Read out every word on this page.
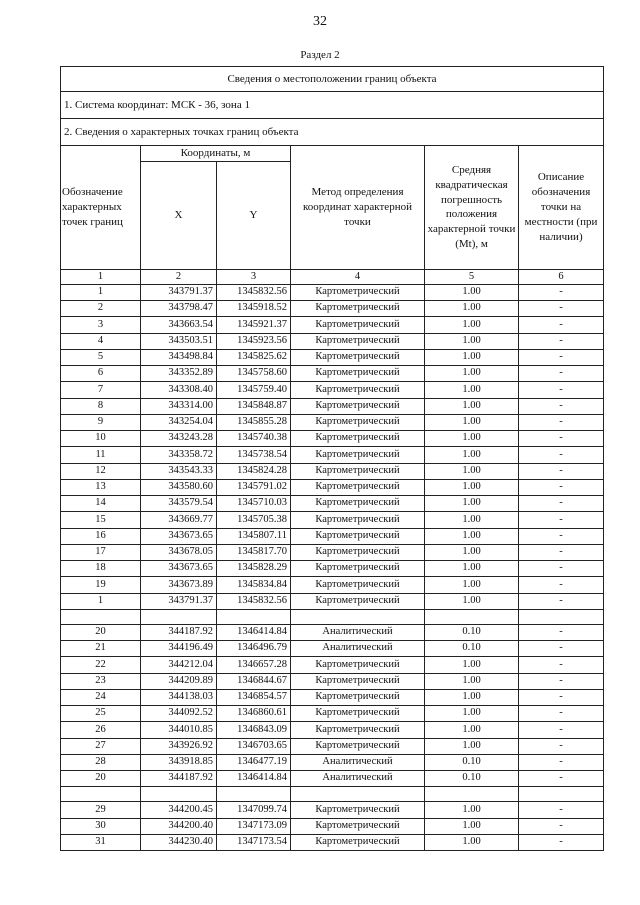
32
Раздел 2
Сведения о местоположении границ объекта					
1. Система координат: МСК - 36, зона 1					
2. Сведения о характерных точках границ объекта					
Обозначение характерных точек границ	Координаты, м		Метод определения координат характерной точки	Средняя квадратическая погрешность положения характерной точки (Mt), м	Описание обозначения точки на местности (при наличии)
	X	Y			
1	2	3	4	5	6
1	343791.37	1345832.56	Картометрический	1.00	-
2	343798.47	1345918.52	Картометрический	1.00	-
3	343663.54	1345921.37	Картометрический	1.00	-
4	343503.51	1345923.56	Картометрический	1.00	-
5	343498.84	1345825.62	Картометрический	1.00	-
6	343352.89	1345758.60	Картометрический	1.00	-
7	343308.40	1345759.40	Картометрический	1.00	-
8	343314.00	1345848.87	Картометрический	1.00	-
9	343254.04	1345855.28	Картометрический	1.00	-
10	343243.28	1345740.38	Картометрический	1.00	-
11	343358.72	1345738.54	Картометрический	1.00	-
12	343543.33	1345824.28	Картометрический	1.00	-
13	343580.60	1345791.02	Картометрический	1.00	-
14	343579.54	1345710.03	Картометрический	1.00	-
15	343669.77	1345705.38	Картометрический	1.00	-
16	343673.65	1345807.11	Картометрический	1.00	-
17	343678.05	1345817.70	Картометрический	1.00	-
18	343673.65	1345828.29	Картометрический	1.00	-
19	343673.89	1345834.84	Картометрический	1.00	-
1	343791.37	1345832.56	Картометрический	1.00	-

20	344187.92	1346414.84	Аналитический	0.10	-
21	344196.49	1346496.79	Аналитический	0.10	-
22	344212.04	1346657.28	Картометрический	1.00	-
23	344209.89	1346844.67	Картометрический	1.00	-
24	344138.03	1346854.57	Картометрический	1.00	-
25	344092.52	1346860.61	Картометрический	1.00	-
26	344010.85	1346843.09	Картометрический	1.00	-
27	343926.92	1346703.65	Картометрический	1.00	-
28	343918.85	1346477.19	Аналитический	0.10	-
20	344187.92	1346414.84	Аналитический	0.10	-

29	344200.45	1347099.74	Картометрический	1.00	-
30	344200.40	1347173.09	Картометрический	1.00	-
31	344230.40	1347173.54	Картометрический	1.00	-
